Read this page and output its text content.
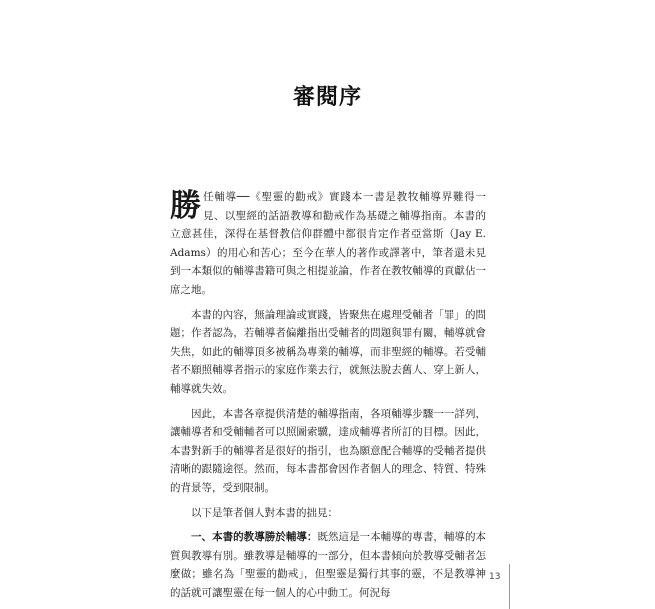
審閱序

勝任輔導──《聖靈的勸戒》實踐本一書是教牧輔導界難得一見、以聖經的話語教導和勸戒作為基礎之輔導指南。本書的立意甚佳，深得在基督教信仰群體中都很肯定作者亞當斯（Jay E. Adams）的用心和苦心；至今在華人的著作或譯著中，筆者還未見到一本類似的輔導書籍可與之相提並論，作者在教牧輔導的貢獻佔一席之地。

本書的內容，無論理論或實踐，皆聚焦在處理受輔者「罪」的問題；作者認為，若輔導者偏離指出受輔者的問題與罪有關，輔導就會失焦，如此的輔導頂多被稱為專業的輔導，而非聖經的輔導。若受輔者不願照輔導者指示的家庭作業去行，就無法脫去舊人、穿上新人，輔導就失效。

因此，本書各章提供清楚的輔導指南，各項輔導步驟一一詳列，讓輔導者和受輔輔者可以照圖索驥，達成輔導者所訂的目標。因此，本書對新手的輔導者是很好的指引，也為願意配合輔導的受輔者提供清晰的跟隨途徑。然而，每本書都會因作者個人的理念、特質、特殊的背景等，受到限制。

以下是筆者個人對本書的拙見：

一、本書的教導勝於輔導：既然這是一本輔導的專書，輔導的本質與教導有別。雖教導是輔導的一部分，但本書傾向於教導受輔者怎麼做；雖名為「聖靈的勸戒」，但聖靈是獨行其事的靈，不是教導神的話就可讓聖靈在每一個人的心中動工。何況每

13
